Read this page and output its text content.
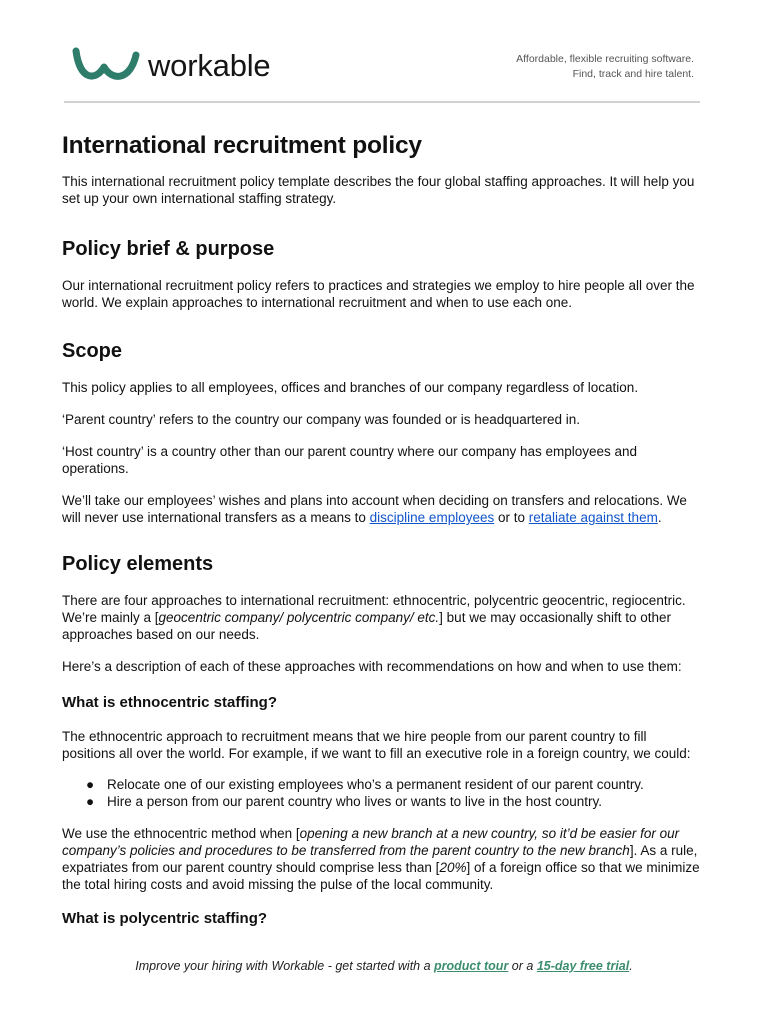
workable	Affordable, flexible recruiting software.
Find, track and hire talent.
International recruitment policy

This international recruitment policy template describes the four global staffing approaches. It will help you set up your own international staffing strategy.

Policy brief & purpose

Our international recruitment policy refers to practices and strategies we employ to hire people all over the world. We explain approaches to international recruitment and when to use each one.

Scope

This policy applies to all employees, offices and branches of our company regardless of location.

‘Parent country’ refers to the country our company was founded or is headquartered in.

‘Host country’ is a country other than our parent country where our company has employees and operations.

We’ll take our employees’ wishes and plans into account when deciding on transfers and relocations. We will never use international transfers as a means to discipline employees or to retaliate against them.

Policy elements

There are four approaches to international recruitment: ethnocentric, polycentric geocentric, regiocentric. We’re mainly a [geocentric company/ polycentric company/ etc.] but we may occasionally shift to other approaches based on our needs.

Here’s a description of each of these approaches with recommendations on how and when to use them:

What is ethnocentric staffing?

The ethnocentric approach to recruitment means that we hire people from our parent country to fill positions all over the world. For example, if we want to fill an executive role in a foreign country, we could:

● Relocate one of our existing employees who’s a permanent resident of our parent country.
● Hire a person from our parent country who lives or wants to live in the host country.

We use the ethnocentric method when [opening a new branch at a new country, so it’d be easier for our company’s policies and procedures to be transferred from the parent country to the new branch]. As a rule, expatriates from our parent country should comprise less than [20%] of a foreign office so that we minimize the total hiring costs and avoid missing the pulse of the local community.

What is polycentric staffing?
Improve your hiring with Workable - get started with a product tour or a 15-day free trial.
